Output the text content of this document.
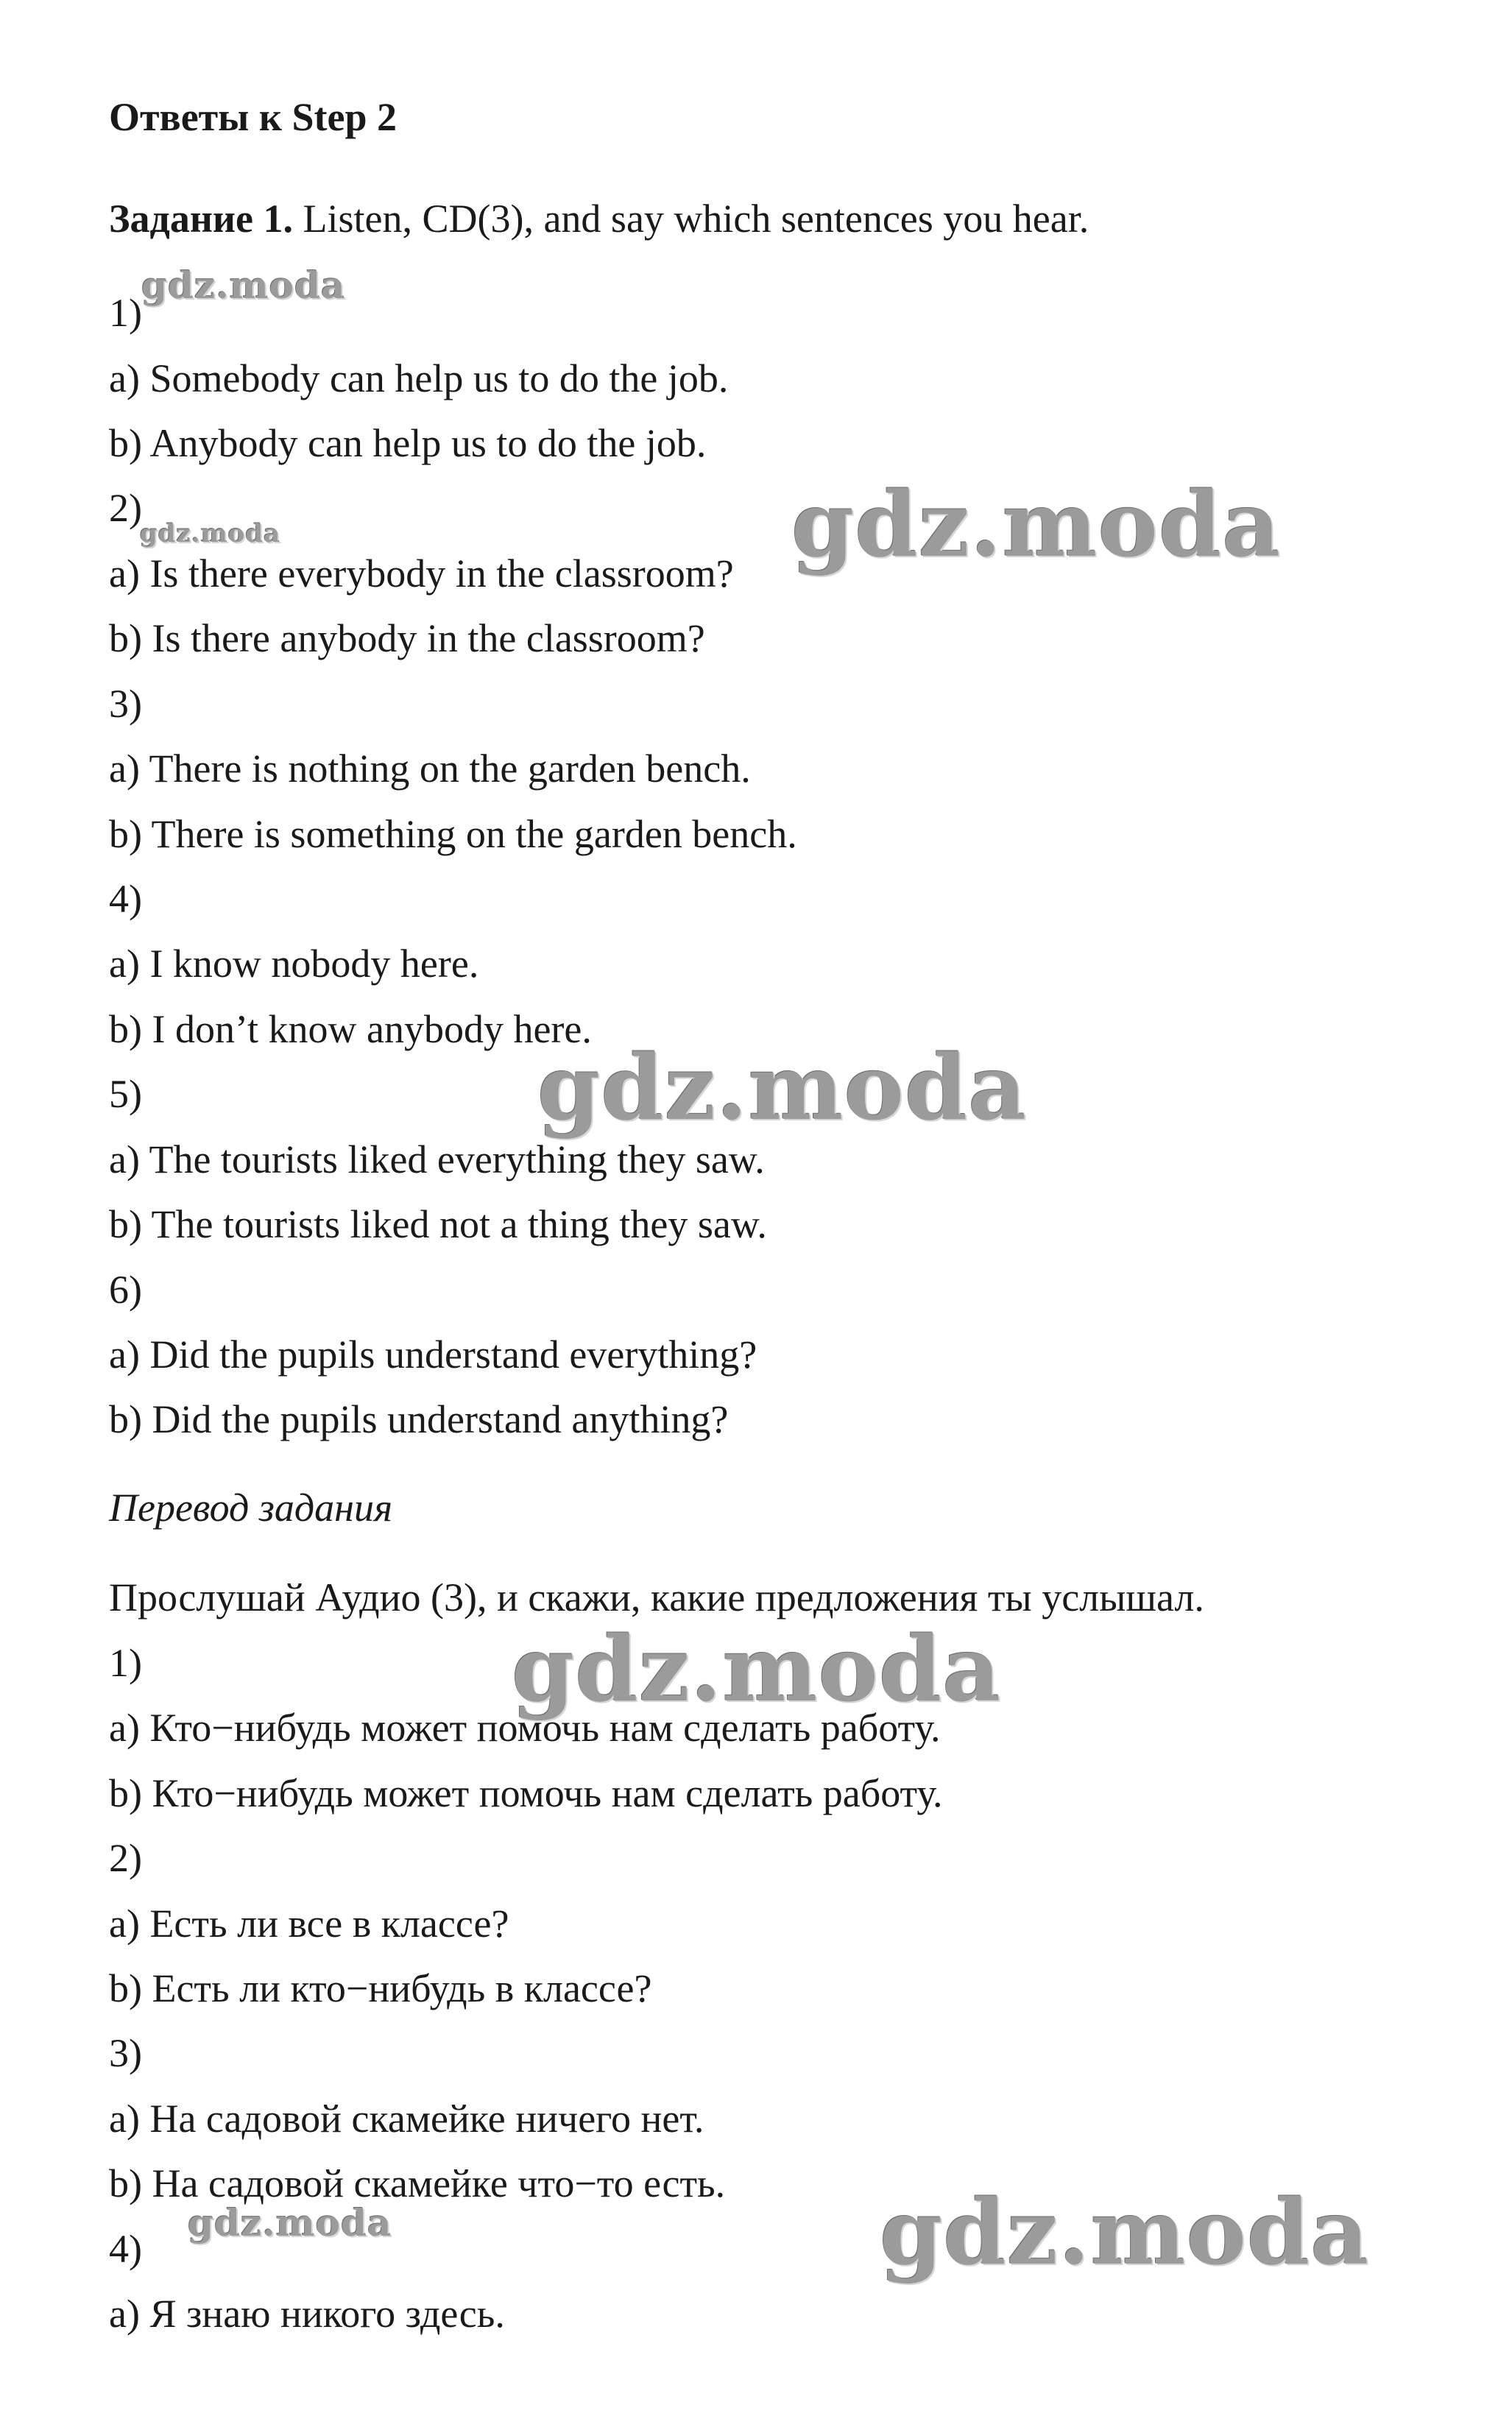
Ответы к Step 2
Задание 1. Listen, CD(3), and say which sentences you hear.
1)
a) Somebody can help us to do the job.
b) Anybody can help us to do the job.
2)
a) Is there everybody in the classroom?
b) Is there anybody in the classroom?
3)
a) There is nothing on the garden bench.
b) There is something on the garden bench.
4)
a) I know nobody here.
b) I don’t know anybody here.
5)
a) The tourists liked everything they saw.
b) The tourists liked not a thing they saw.
6)
a) Did the pupils understand everything?
b) Did the pupils understand anything?
Перевод задания
Прослушай Аудио (3), и скажи, какие предложения ты услышал.
1)
a) Кто−нибудь может помочь нам сделать работу.
b) Кто−нибудь может помочь нам сделать работу.
2)
a) Есть ли все в классе?
b) Есть ли кто−нибудь в классе?
3)
a) На садовой скамейке ничего нет.
b) На садовой скамейке что−то есть.
4)
a) Я знаю никого здесь.
gdz.moda
gdz.moda	gdz.moda
gdz.moda
gdz.moda
gdz.moda	gdz.moda
